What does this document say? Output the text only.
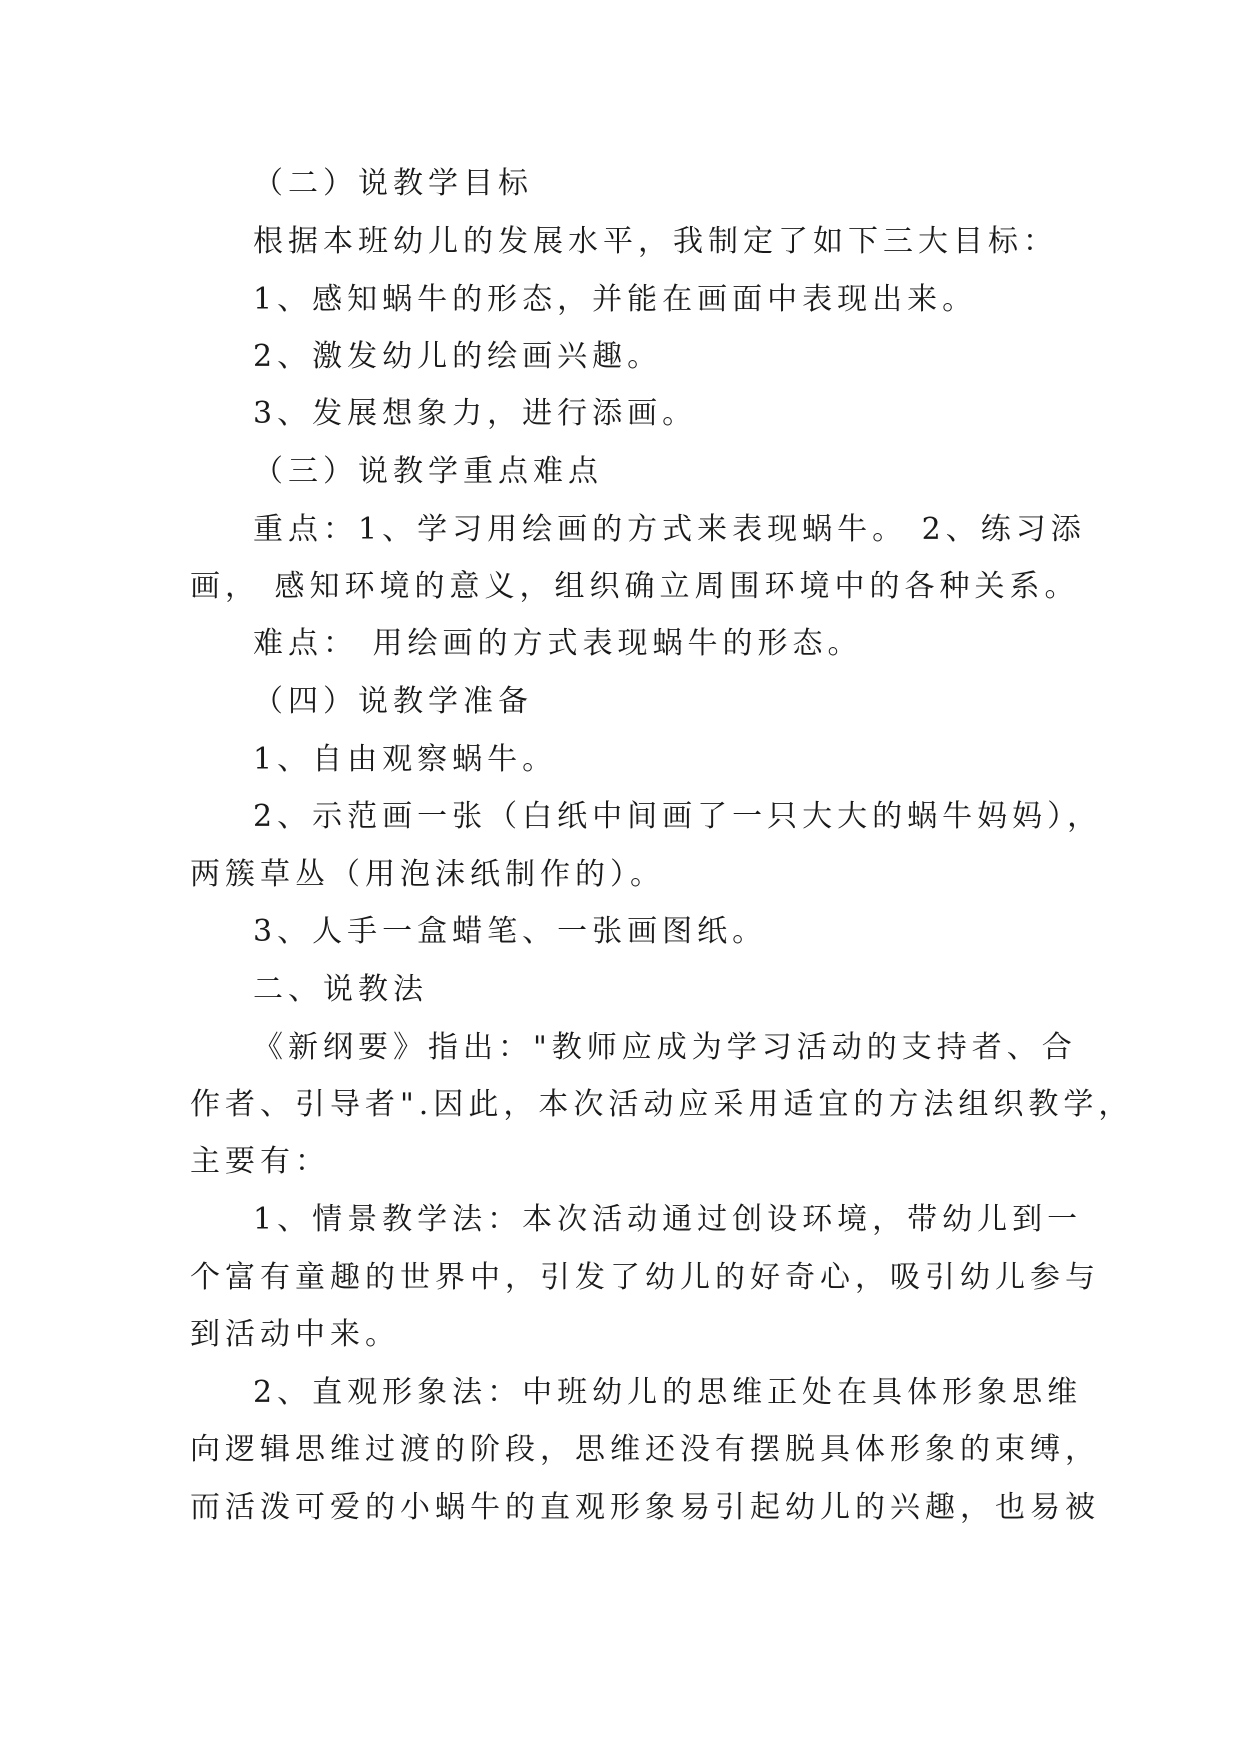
（二）说教学目标
根据本班幼儿的发展水平，我制定了如下三大目标：
1、感知蜗牛的形态，并能在画面中表现出来。
2、激发幼儿的绘画兴趣。
3、发展想象力，进行添画。
（三）说教学重点难点
重点：1、学习用绘画的方式来表现蜗牛。 2、练习添
画， 感知环境的意义，组织确立周围环境中的各种关系。
难点： 用绘画的方式表现蜗牛的形态。
（四）说教学准备
1、自由观察蜗牛。
2、示范画一张（白纸中间画了一只大大的蜗牛妈妈），
两簇草丛（用泡沫纸制作的）。
3、人手一盒蜡笔、一张画图纸。
二、说教法
《新纲要》指出："教师应成为学习活动的支持者、合
作者、引导者".因此，本次活动应采用适宜的方法组织教学，
主要有：
1、情景教学法：本次活动通过创设环境，带幼儿到一
个富有童趣的世界中，引发了幼儿的好奇心，吸引幼儿参与
到活动中来。
2、直观形象法：中班幼儿的思维正处在具体形象思维
向逻辑思维过渡的阶段，思维还没有摆脱具体形象的束缚，
而活泼可爱的小蜗牛的直观形象易引起幼儿的兴趣，也易被
